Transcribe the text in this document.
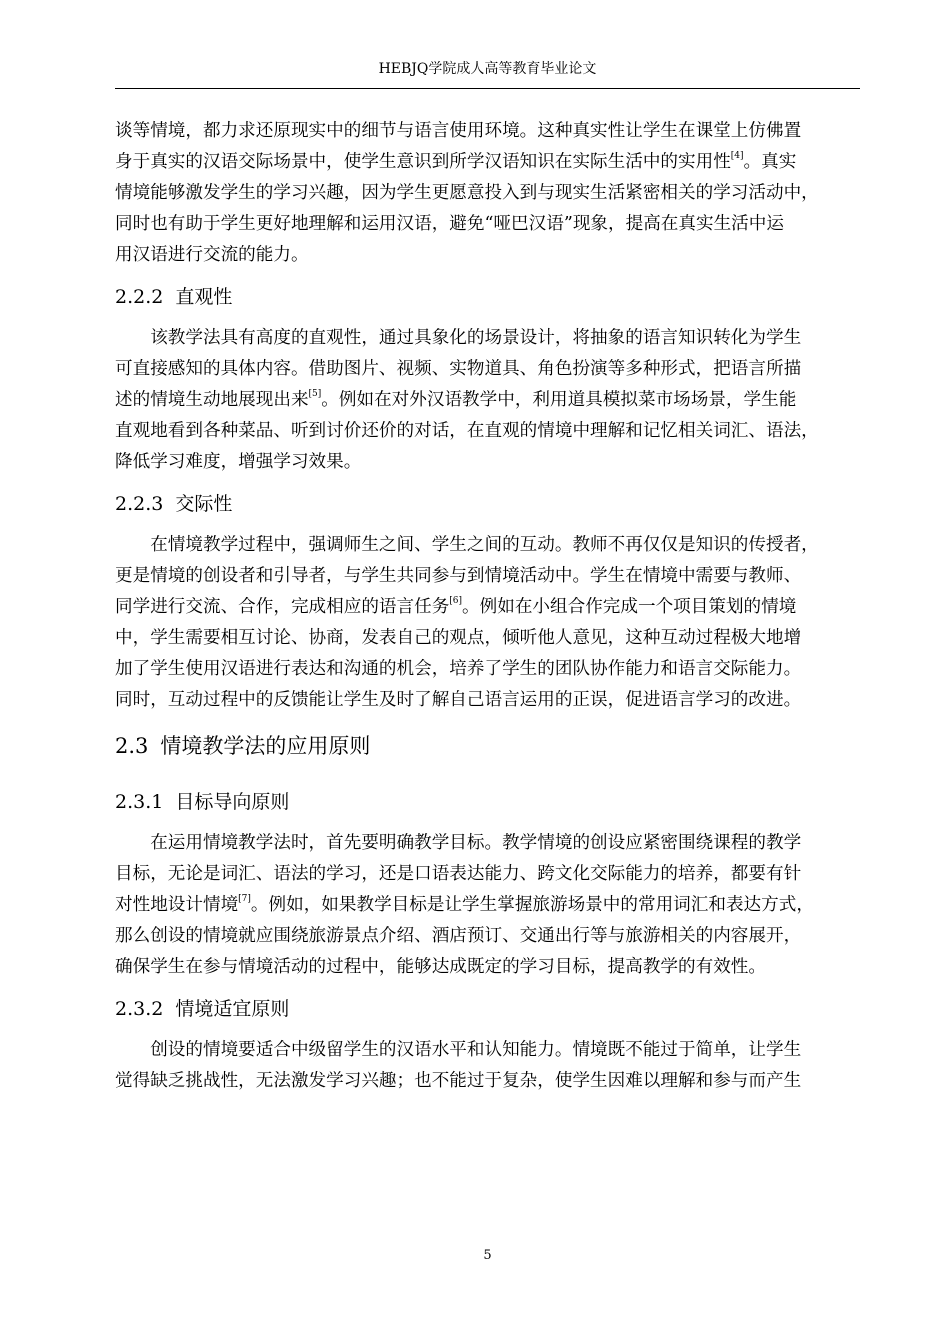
HEBJQ学院成人高等教育毕业论文

谈等情境，都力求还原现实中的细节与语言使用环境。这种真实性让学生在课堂上仿佛置
身于真实的汉语交际场景中，使学生意识到所学汉语知识在实际生活中的实用性[4]。真实
情境能够激发学生的学习兴趣，因为学生更愿意投入到与现实生活紧密相关的学习活动中，
同时也有助于学生更好地理解和运用汉语，避免“哑巴汉语”现象，提高在真实生活中运
用汉语进行交流的能力。

2.2.2 直观性

该教学法具有高度的直观性，通过具象化的场景设计，将抽象的语言知识转化为学生
可直接感知的具体内容。借助图片、视频、实物道具、角色扮演等多种形式，把语言所描
述的情境生动地展现出来[5]。例如在对外汉语教学中，利用道具模拟菜市场场景，学生能
直观地看到各种菜品、听到讨价还价的对话，在直观的情境中理解和记忆相关词汇、语法，
降低学习难度，增强学习效果。

2.2.3 交际性

在情境教学过程中，强调师生之间、学生之间的互动。教师不再仅仅是知识的传授者，
更是情境的创设者和引导者，与学生共同参与到情境活动中。学生在情境中需要与教师、
同学进行交流、合作，完成相应的语言任务[6]。例如在小组合作完成一个项目策划的情境
中，学生需要相互讨论、协商，发表自己的观点，倾听他人意见，这种互动过程极大地增
加了学生使用汉语进行表达和沟通的机会，培养了学生的团队协作能力和语言交际能力。
同时，互动过程中的反馈能让学生及时了解自己语言运用的正误，促进语言学习的改进。

2.3 情境教学法的应用原则
2.3.1 目标导向原则

在运用情境教学法时，首先要明确教学目标。教学情境的创设应紧密围绕课程的教学
目标，无论是词汇、语法的学习，还是口语表达能力、跨文化交际能力的培养，都要有针
对性地设计情境[7]。例如，如果教学目标是让学生掌握旅游场景中的常用词汇和表达方式，
那么创设的情境就应围绕旅游景点介绍、酒店预订、交通出行等与旅游相关的内容展开，
确保学生在参与情境活动的过程中，能够达成既定的学习目标，提高教学的有效性。

2.3.2 情境适宜原则

创设的情境要适合中级留学生的汉语水平和认知能力。情境既不能过于简单，让学生
觉得缺乏挑战性，无法激发学习兴趣；也不能过于复杂，使学生因难以理解和参与而产生

5
